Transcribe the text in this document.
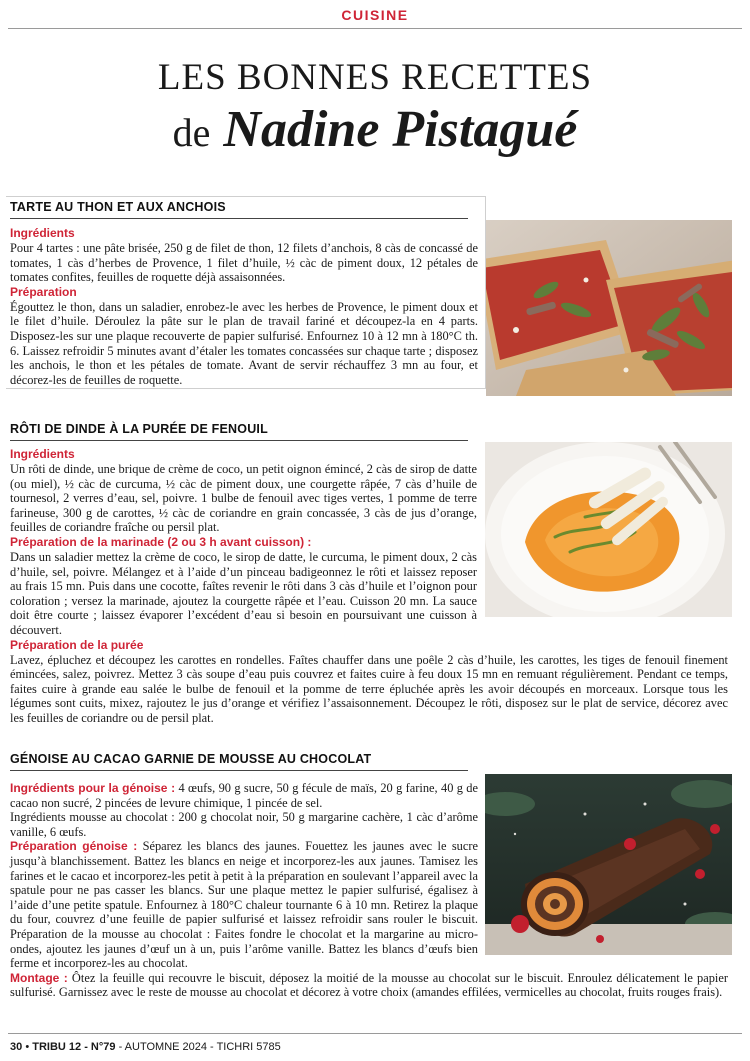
CUISINE
LES BONNES RECETTES
de Nadine Pistagué
TARTE AU THON ET AUX ANCHOIS
Ingrédients
Pour 4 tartes : une pâte brisée, 250 g de filet de thon, 12 filets d’anchois, 8 càs de concassé de tomates, 1 càs d’herbes de Provence, 1 filet d’huile, ½ càc de piment doux, 12 pétales de tomates confites, feuilles de roquette déjà assaisonnées.
Préparation
Égouttez le thon, dans un saladier, enrobez-le avec les herbes de Provence, le piment doux et le filet d’huile. Déroulez la pâte sur le plan de travail fariné et découpez-la en 4 parts. Disposez-les sur une plaque recouverte de papier sulfurisé. Enfournez 10 à 12 mn à 180°C th. 6. Laissez refroidir 5 minutes avant d’étaler les tomates concassées sur chaque tarte ; disposez les anchois, le thon et les pétales de tomate. Avant de servir réchauffez 3 mn au four, et décorez-les de feuilles de roquette.
RÔTI DE DINDE À LA PURÉE DE FENOUIL
Ingrédients
Un rôti de dinde, une brique de crème de coco, un petit oignon émincé, 2 càs de sirop de datte (ou miel), ½ càc de curcuma, ½ càc de piment doux, une courgette râpée, 7 càs d’huile de tournesol, 2 verres d’eau, sel, poivre. 1 bulbe de fenouil avec tiges vertes, 1 pomme de terre farineuse, 300 g de carottes, ½ càc de coriandre en grain concassée, 3 càs de jus d’orange, feuilles de coriandre fraîche ou persil plat.
Préparation de la marinade (2 ou 3 h avant cuisson) :
Dans un saladier mettez la crème de coco, le sirop de datte, le curcuma, le piment doux, 2 càs d’huile, sel, poivre. Mélangez et à l’aide d’un pinceau badigeonnez le rôti et laissez reposer au frais 15 mn. Puis dans une cocotte, faîtes revenir le rôti dans 3 càs d’huile et l’oignon pour coloration ; versez la marinade, ajoutez la courgette râpée et l’eau. Cuisson 20 mn. La sauce doit être courte ; laissez évaporer l’excédent d’eau si besoin en poursuivant une cuisson à découvert.
Préparation de la purée
Lavez, épluchez et découpez les carottes en rondelles. Faîtes chauffer dans une poêle 2 càs d’huile, les carottes, les tiges de fenouil finement émincées, salez, poivrez. Mettez 3 càs soupe d’eau puis couvrez et faites cuire à feu doux 15 mn en remuant régulièrement. Pendant ce temps, faites cuire à grande eau salée le bulbe de fenouil et la pomme de terre épluchée après les avoir découpés en morceaux. Lorsque tous les légumes sont cuits, mixez, rajoutez le jus d’orange et vérifiez l’assaisonnement. Découpez le rôti, disposez sur le plat de service, décorez avec les feuilles de coriandre ou de persil plat.
GÉNOISE AU CACAO GARNIE DE MOUSSE AU CHOCOLAT
Ingrédients pour la génoise : 4 œufs, 90 g sucre, 50 g fécule de maïs, 20 g farine, 40 g de cacao non sucré, 2 pincées de levure chimique, 1 pincée de sel.
Ingrédients mousse au chocolat : 200 g chocolat noir, 50 g margarine cachère, 1 càc d’arôme vanille, 6 œufs.
Préparation génoise : Séparez les blancs des jaunes. Fouettez les jaunes avec le sucre jusqu’à blanchissement. Battez les blancs en neige et incorporez-les aux jaunes. Tamisez les farines et le cacao et incorporez-les petit à petit à la préparation en soulevant l’appareil avec la spatule pour ne pas casser les blancs. Sur une plaque mettez le papier sulfurisé, égalisez à l’aide d’une petite spatule. Enfournez à 180°C chaleur tournante 6 à 10 mn. Retirez la plaque du four, couvrez d’une feuille de papier sulfurisé et laissez refroidir sans rouler le biscuit. Préparation de la mousse au chocolat : Faites fondre le chocolat et la margarine au micro-ondes, ajoutez les jaunes d’œuf un à un, puis l’arôme vanille. Battez les blancs d’œufs bien ferme et incorporez-les au chocolat.
Montage : Ôtez la feuille qui recouvre le biscuit, déposez la moitié de la mousse au chocolat sur le biscuit. Enroulez délicatement le papier sulfurisé. Garnissez avec le reste de mousse au chocolat et décorez à votre choix (amandes effilées, vermicelles au chocolat, fruits rouges frais).
30 • TRIBU 12 - N°79 - AUTOMNE 2024 - TICHRI 5785
